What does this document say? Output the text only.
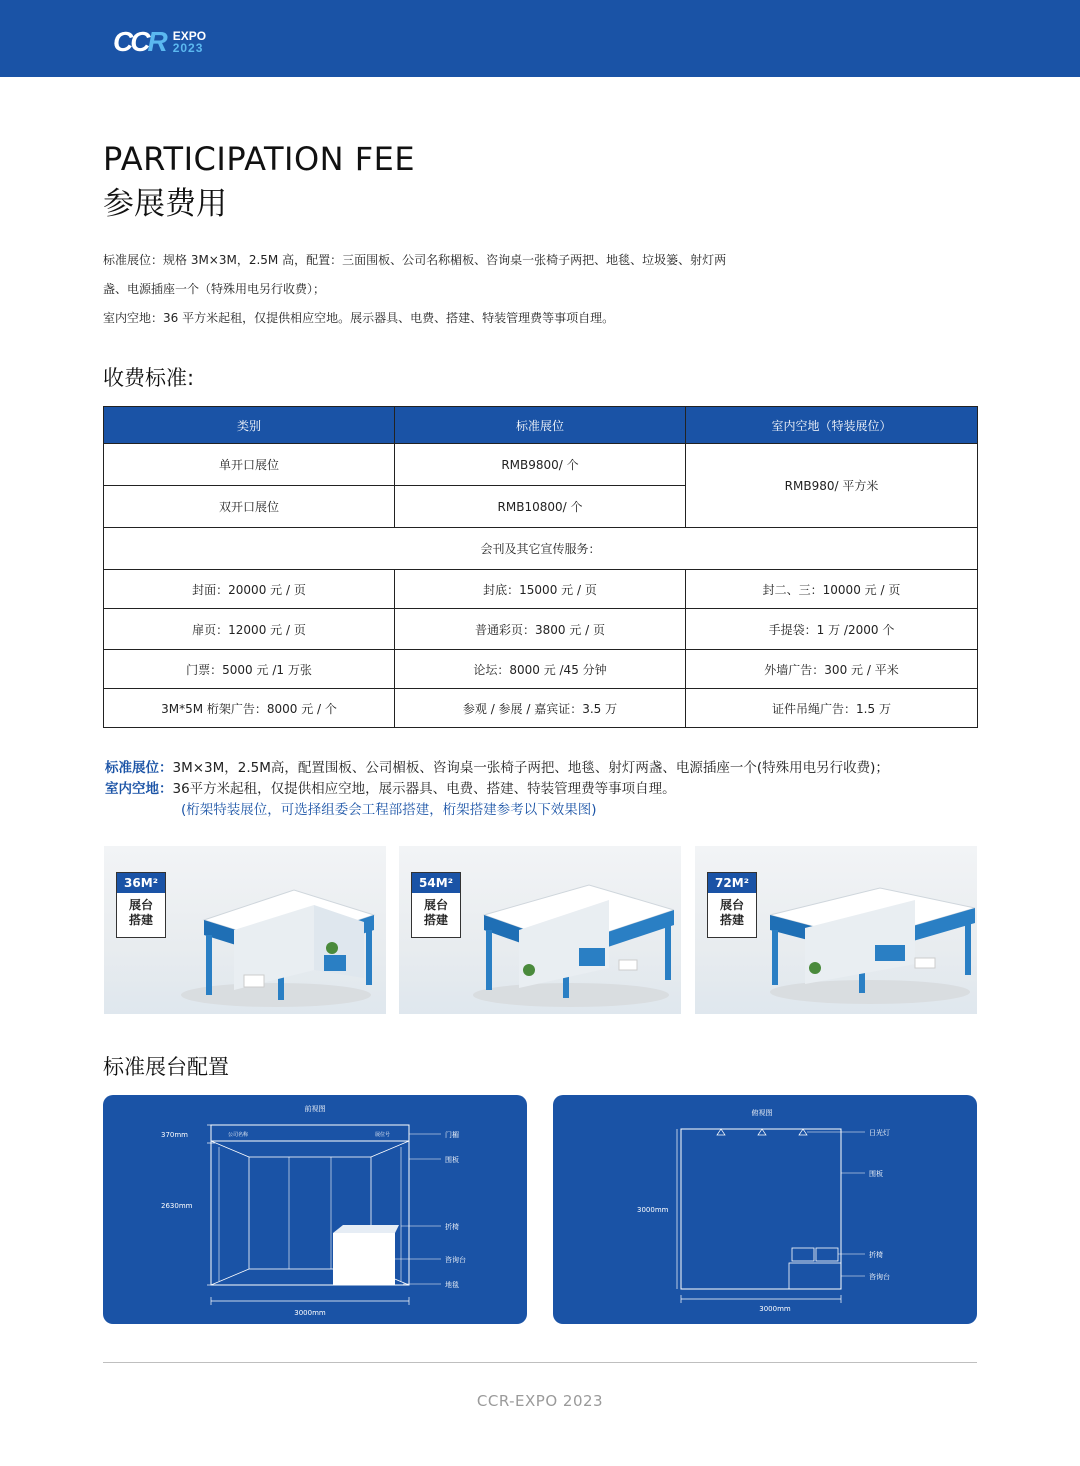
CCR EXPO
2023
PARTICIPATION FEE
参展费用

标准展位：规格 3M×3M，2.5M 高，配置：三面围板、公司名称楣板、咨询桌一张椅子两把、地毯、垃圾篓、射灯两

盏、电源插座一个（特殊用电另行收费）；

室内空地：36 平方米起租，仅提供相应空地。展示器具、电费、搭建、特装管理费等事项自理。

收费标准:
类别	标准展位	室内空地（特装展位）
单开口展位	RMB9800/ 个	RMB980/ 平方米
双开口展位	RMB10800/ 个	
会刊及其它宣传服务：		
封面：20000 元 / 页	封底：15000 元 / 页	封二、三：10000 元 / 页
扉页：12000 元 / 页	普通彩页：3800 元 / 页	手提袋：1 万 /2000 个
门票：5000 元 /1 万张	论坛：8000 元 /45 分钟	外墙广告：300 元 / 平米
3M*5M 桁架广告：8000 元 / 个	参观 / 参展 / 嘉宾证：3.5 万	证件吊绳广告：1.5 万
标准展位：3M×3M，2.5M高，配置围板、公司楣板、咨询桌一张椅子两把、地毯、射灯两盏、电源插座一个(特殊用电另行收费)；
室内空地：36平方米起租，仅提供相应空地，展示器具、电费、搭建、特装管理费等事项自理。
(桁架特装展位，可选择组委会工程部搭建，桁架搭建参考以下效果图)
36M²
展台
搭建
54M²
展台
搭建
72M²
展台
搭建
标准展台配置
前视图
370mm
2630mm
公司名称	展位号
3000mm
门楣
围板
折椅
咨询台
地毯
俯视图
3000mm
3000mm
日光灯
围板
折椅
咨询台
CCR-EXPO 2023
